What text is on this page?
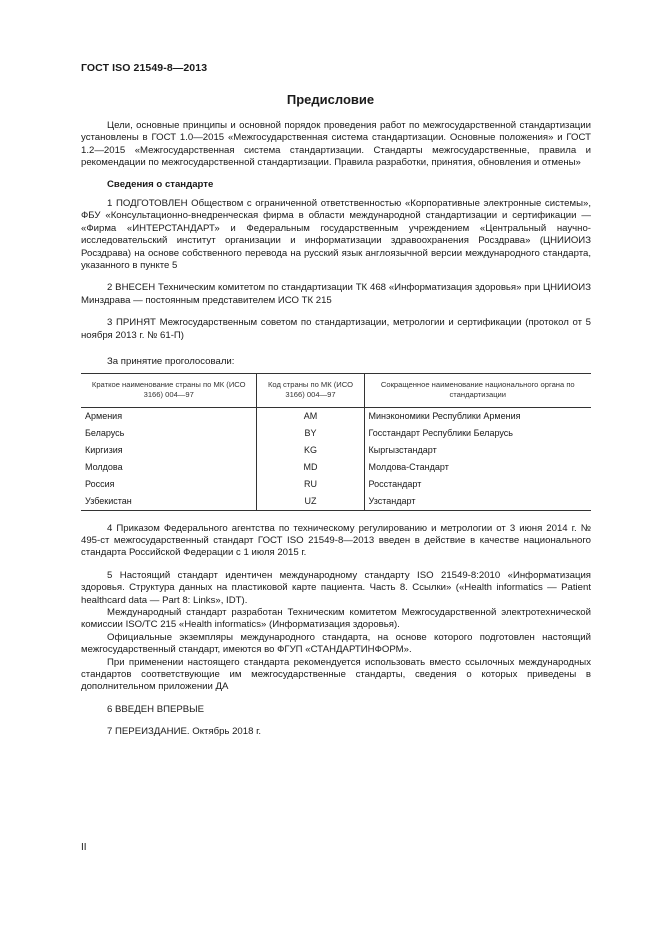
ГОСТ ISO 21549-8—2013
Предисловие

Цели, основные принципы и основной порядок проведения работ по межгосударственной стандартизации установлены в ГОСТ 1.0—2015 «Межгосударственная система стандартизации. Основные положения» и ГОСТ 1.2—2015 «Межгосударственная система стандартизации. Стандарты межгосударственные, правила и рекомендации по межгосударственной стандартизации. Правила разработки, принятия, обновления и отмены»

Сведения о стандарте

1 ПОДГОТОВЛЕН Обществом с ограниченной ответственностью «Корпоративные электронные системы», ФБУ «Консультационно-внедренческая фирма в области международной стандартизации и сертификации — «Фирма «ИНТЕРСТАНДАРТ» и Федеральным государственным учреждением «Центральный научно-исследовательский институт организации и информатизации здравоохранения Росздрава» (ЦНИИОИЗ Росздрава) на основе собственного перевода на русский язык англоязычной версии международного стандарта, указанного в пункте 5

2 ВНЕСЕН Техническим комитетом по стандартизации ТК 468 «Информатизация здоровья» при ЦНИИОИЗ Минздрава — постоянным представителем ИСО ТК 215

3 ПРИНЯТ Межгосударственным советом по стандартизации, метрологии и сертификации (протокол от 5 ноября 2013 г. № 61-П)

За принятие проголосовали:

Краткое наименование страны по МК (ИСО 3166) 004—97	Код страны по МК (ИСО 3166) 004—97	Сокращенное наименование национального органа по стандартизации
Армения	AM	Минэкономики Республики Армения
Беларусь	BY	Госстандарт Республики Беларусь
Киргизия	KG	Кыргызстандарт
Молдова	MD	Молдова-Стандарт
Россия	RU	Росстандарт
Узбекистан	UZ	Узстандарт

4 Приказом Федерального агентства по техническому регулированию и метрологии от 3 июня 2014 г. № 495-ст межгосударственный стандарт ГОСТ ISO 21549-8—2013 введен в действие в качестве национального стандарта Российской Федерации с 1 июля 2015 г.

5 Настоящий стандарт идентичен международному стандарту ISO 21549-8:2010 «Информатизация здоровья. Структура данных на пластиковой карте пациента. Часть 8. Ссылки» («Health informatics — Patient healthcard data — Part 8: Links», IDT).

Международный стандарт разработан Техническим комитетом Межгосударственной электротехнической комиссии ISO/TC 215 «Health informatics» (Информатизация здоровья).

Официальные экземпляры международного стандарта, на основе которого подготовлен настоящий межгосударственный стандарт, имеются во ФГУП «СТАНДАРТИНФОРМ».

При применении настоящего стандарта рекомендуется использовать вместо ссылочных международных стандартов соответствующие им межгосударственные стандарты, сведения о которых приведены в дополнительном приложении ДА

6 ВВЕДЕН ВПЕРВЫЕ

7 ПЕРЕИЗДАНИЕ. Октябрь 2018 г.

II
